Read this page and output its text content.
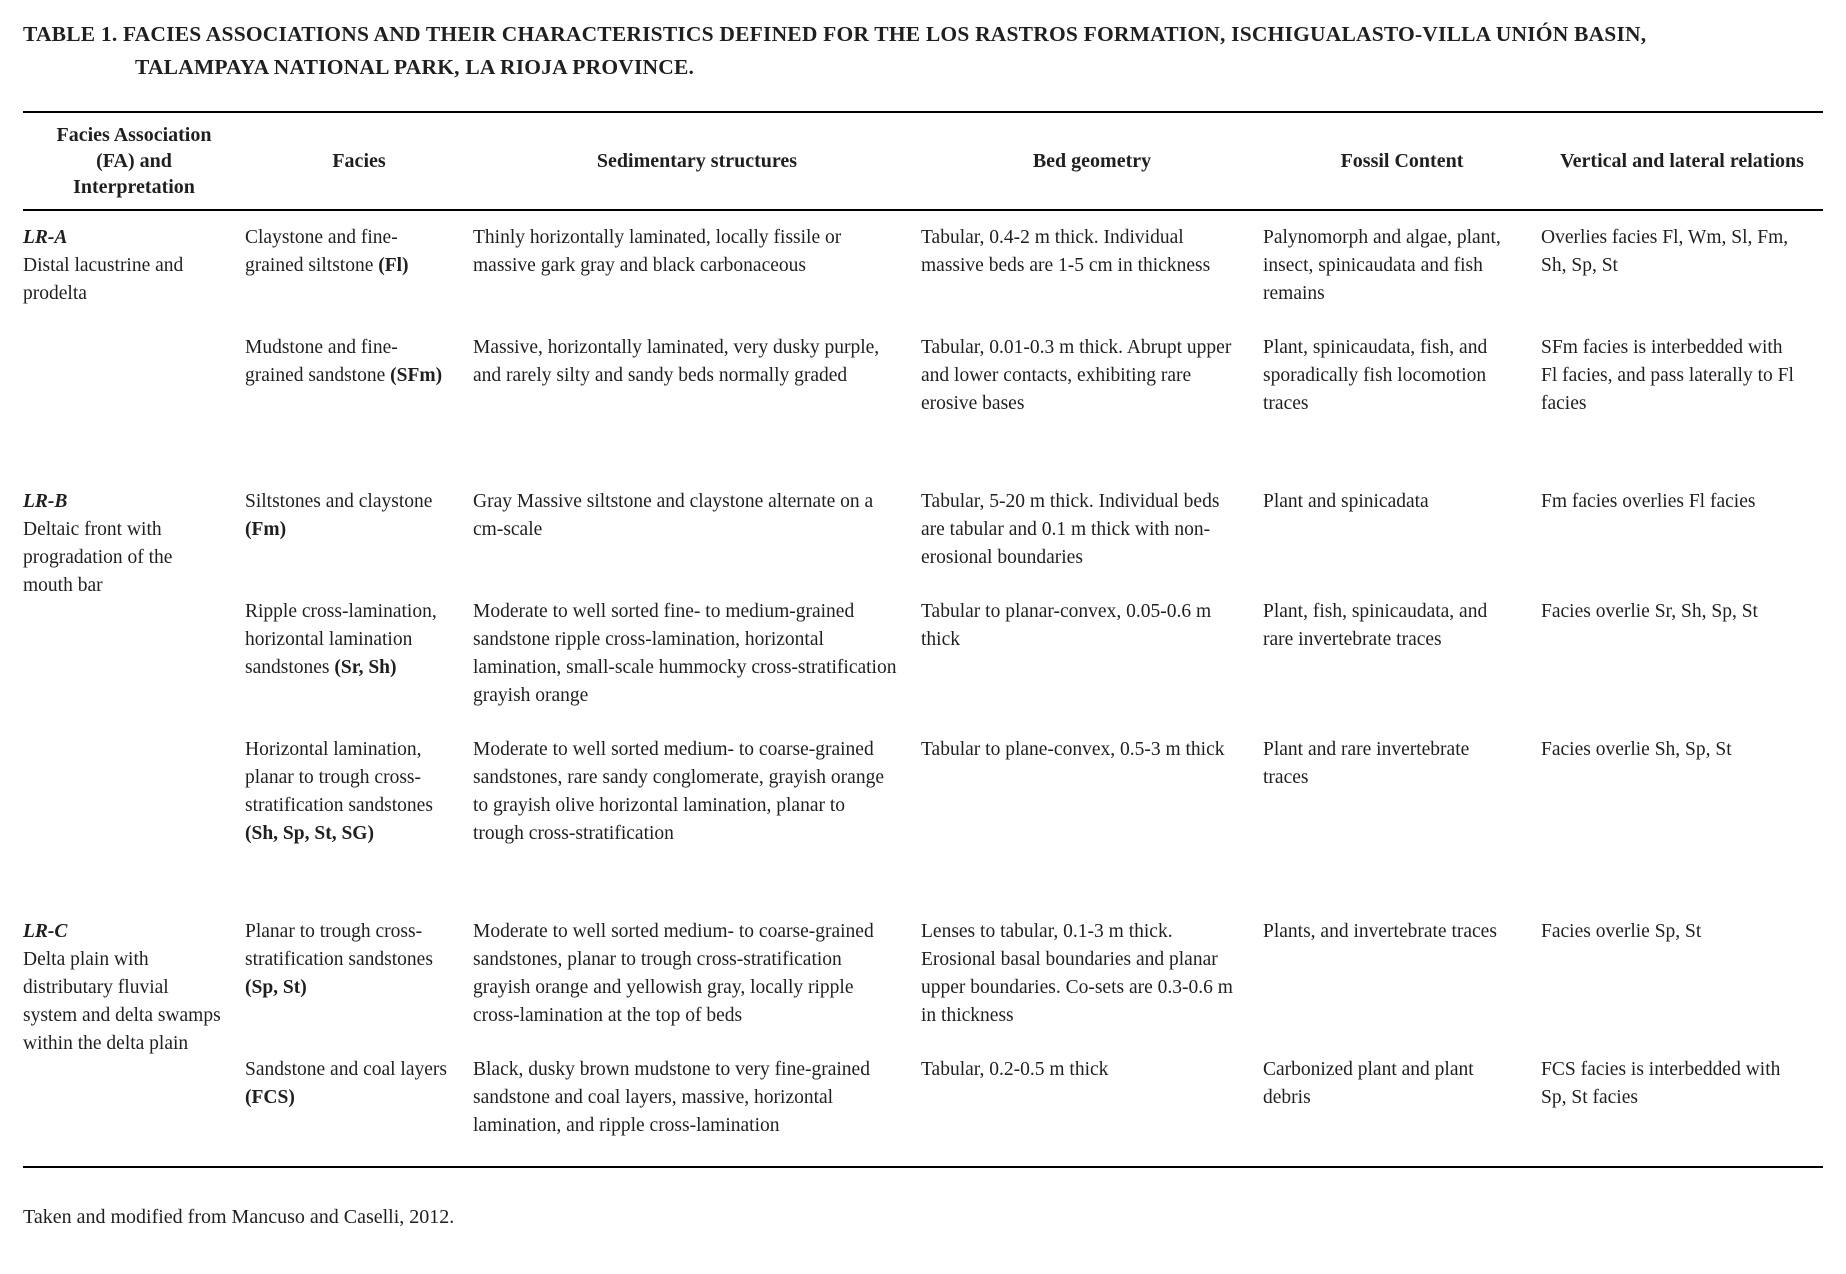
TABLE 1. FACIES ASSOCIATIONS AND THEIR CHARACTERISTICS DEFINED FOR THE LOS RASTROS FORMATION, ISCHIGUALASTO-VILLA UNIÓN BASIN, TALAMPAYA NATIONAL PARK, LA RIOJA PROVINCE.
Facies Association (FA) and Interpretation	Facies	Sedimentary structures	Bed geometry	Fossil Content	Vertical and lateral relations

LR-A
Distal lacustrine and prodelta	Claystone and fine-grained siltstone (Fl)	Thinly horizontally laminated, locally fissile or massive gark gray and black carbonaceous	Tabular, 0.4-2 m thick. Individual massive beds are 1-5 cm in thickness	Palynomorph and algae, plant, insect, spinicaudata and fish remains	Overlies facies Fl, Wm, Sl, Fm, Sh, Sp, St
	Mudstone and fine-grained sandstone (SFm)	Massive, horizontally laminated, very dusky purple, and rarely silty and sandy beds normally graded	Tabular, 0.01-0.3 m thick. Abrupt upper and lower contacts, exhibiting rare erosive bases	Plant, spinicaudata, fish, and sporadically fish locomotion traces	SFm facies is interbedded with Fl facies, and pass laterally to Fl facies

LR-B
Deltaic front with progradation of the mouth bar	Siltstones and claystone (Fm)	Gray Massive siltstone and claystone alternate on a cm-scale	Tabular, 5-20 m thick. Individual beds are tabular and 0.1 m thick with non-erosional boundaries	Plant and spinicadata	Fm facies overlies Fl facies
	Ripple cross-lamination, horizontal lamination sandstones (Sr, Sh)	Moderate to well sorted fine- to medium-grained sandstone ripple cross-lamination, horizontal lamination, small-scale hummocky cross-stratification grayish orange	Tabular to planar-convex, 0.05-0.6 m thick	Plant, fish, spinicaudata, and rare invertebrate traces	Facies overlie Sr, Sh, Sp, St
	Horizontal lamination, planar to trough cross-stratification sandstones (Sh, Sp, St, SG)	Moderate to well sorted medium- to coarse-grained sandstones, rare sandy conglomerate, grayish orange to grayish olive horizontal lamination, planar to trough cross-stratification	Tabular to plane-convex, 0.5-3 m thick	Plant and rare invertebrate traces	Facies overlie Sh, Sp, St

LR-C
Delta plain with distributary fluvial system and delta swamps within the delta plain	Planar to trough cross-stratification sandstones (Sp, St)	Moderate to well sorted medium- to coarse-grained sandstones, planar to trough cross-stratification grayish orange and yellowish gray, locally ripple cross-lamination at the top of beds	Lenses to tabular, 0.1-3 m thick. Erosional basal boundaries and planar upper boundaries. Co-sets are 0.3-0.6 m in thickness	Plants, and invertebrate traces	Facies overlie Sp, St
	Sandstone and coal layers (FCS)	Black, dusky brown mudstone to very fine-grained sandstone and coal layers, massive, horizontal lamination, and ripple cross-lamination	Tabular, 0.2-0.5 m thick	Carbonized plant and plant debris	FCS facies is interbedded with Sp, St facies
Taken and modified from Mancuso and Caselli, 2012.
